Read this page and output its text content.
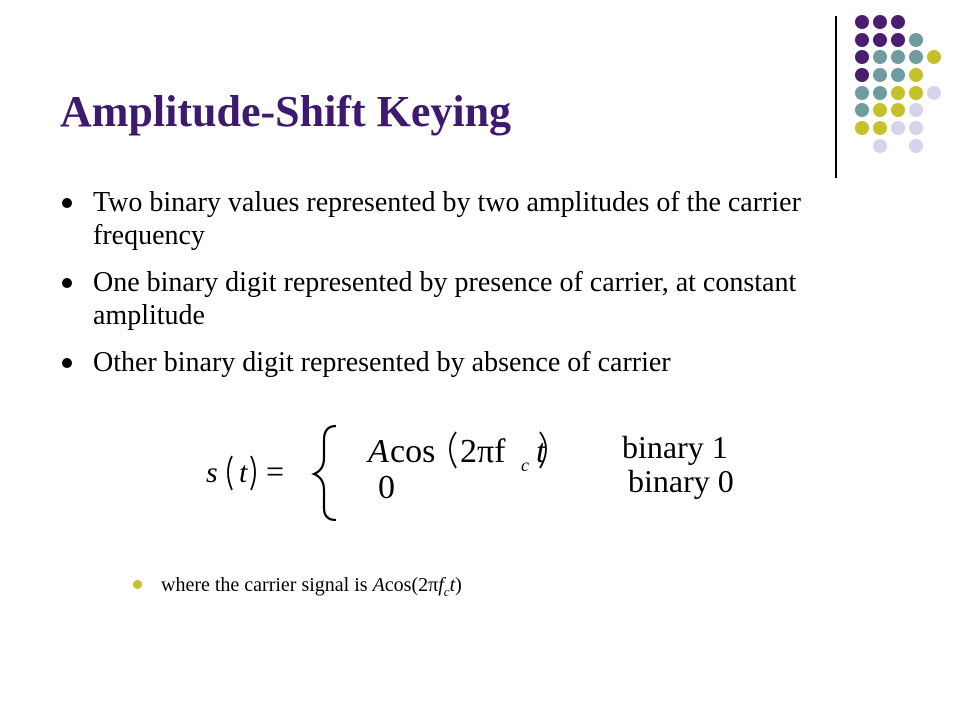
Amplitude-Shift Keying
Two binary values represented by two amplitudes of the carrier frequency
One binary digit represented by presence of carrier, at constant amplitude
Other binary digit represented by absence of carrier
s t =
A cos 2πf c t binary 1
0	binary 0
where the carrier signal is $Acos(2\pi f_ct)$
